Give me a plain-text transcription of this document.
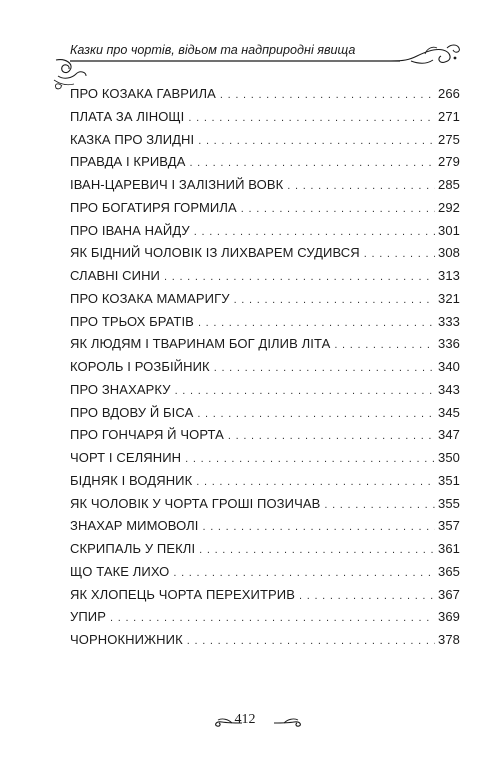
Казки про чортів, відьом та надприродні явища
ПРО КОЗАКА ГАВРИЛА . . .	266
ПЛАТА ЗА ЛІНОЩІ . . .	271
КАЗКА ПРО ЗЛИДНІ . . .	275
ПРАВДА І КРИВДА . . .	279
ІВАН-ЦАРЕВИЧ І ЗАЛІЗНИЙ ВОВК . . .	285
ПРО БОГАТИРЯ ГОРМИЛА . . .	292
ПРО ІВАНА НАЙДУ . . .	301
ЯК БІДНИЙ ЧОЛОВІК ІЗ ЛИХВАРЕМ СУДИВСЯ . . .	308
СЛАВНІ СИНИ . . .	313
ПРО КОЗАКА МАМАРИГУ . . .	321
ПРО ТРЬОХ БРАТІВ . . .	333
ЯК ЛЮДЯМ І ТВАРИНАМ БОГ ДІЛИВ ЛІТА . . .	336
КОРОЛЬ І РОЗБІЙНИК . . .	340
ПРО ЗНАХАРКУ . . .	343
ПРО ВДОВУ Й БІСА . . .	345
ПРО ГОНЧАРЯ Й ЧОРТА . . .	347
ЧОРТ І СЕЛЯНИН . . .	350
БІДНЯК І ВОДЯНИК . . .	351
ЯК ЧОЛОВІК У ЧОРТА ГРОШІ ПОЗИЧАВ . . .	355
ЗНАХАР МИМОВОЛІ . . .	357
СКРИПАЛЬ У ПЕКЛІ . . .	361
ЩО ТАКЕ ЛИХО . . .	365
ЯК ХЛОПЕЦЬ ЧОРТА ПЕРЕХИТРИВ . . .	367
УПИР . . .	369
ЧОРНОКНИЖНИК . . .	378
412
